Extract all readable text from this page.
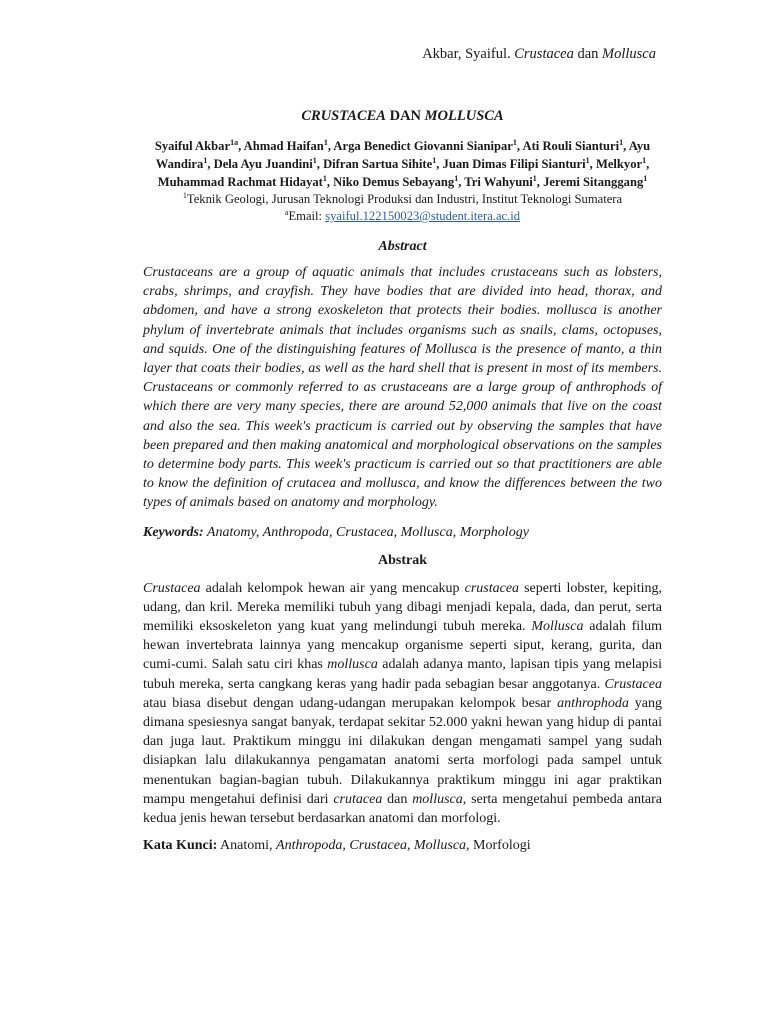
Akbar, Syaiful. Crustacea dan Mollusca
CRUSTACEA DAN MOLLUSCA
Syaiful Akbar$^{1a}$, Ahmad Haifan$^1$, Arga Benedict Giovanni Sianipar$^1$, Ati Rouli Sianturi$^1$, Ayu Wandira$^1$, Dela Ayu Juandini$^1$, Difran Sartua Sihite$^1$, Juan Dimas Filipi Sianturi$^1$, Melkyor$^1$, Muhammad Rachmat Hidayat$^1$, Niko Demus Sebayang$^1$, Tri Wahyuni$^1$, Jeremi Sitanggang$^1$
$^1$Teknik Geologi, Jurusan Teknologi Produksi dan Industri, Institut Teknologi Sumatera
$^a$Email: syaiful.122150023@student.itera.ac.id
Abstract

Crustaceans are a group of aquatic animals that includes crustaceans such as lobsters, crabs, shrimps, and crayfish. They have bodies that are divided into head, thorax, and abdomen, and have a strong exoskeleton that protects their bodies. mollusca is another phylum of invertebrate animals that includes organisms such as snails, clams, octopuses, and squids. One of the distinguishing features of Mollusca is the presence of manto, a thin layer that coats their bodies, as well as the hard shell that is present in most of its members. Crustaceans or commonly referred to as crustaceans are a large group of anthrophods of which there are very many species, there are around 52,000 animals that live on the coast and also the sea. This week's practicum is carried out by observing the samples that have been prepared and then making anatomical and morphological observations on the samples to determine body parts. This week's practicum is carried out so that practitioners are able to know the definition of crutacea and mollusca, and know the differences between the two types of animals based on anatomy and morphology.

Keywords: Anatomy, Anthropoda, Crustacea, Mollusca, Morphology
Abstrak

Crustacea adalah kelompok hewan air yang mencakup crustacea seperti lobster, kepiting, udang, dan kril. Mereka memiliki tubuh yang dibagi menjadi kepala, dada, dan perut, serta memiliki eksoskeleton yang kuat yang melindungi tubuh mereka. Mollusca adalah filum hewan invertebrata lainnya yang mencakup organisme seperti siput, kerang, gurita, dan cumi-cumi. Salah satu ciri khas mollusca adalah adanya manto, lapisan tipis yang melapisi tubuh mereka, serta cangkang keras yang hadir pada sebagian besar anggotanya. Crustacea atau biasa disebut dengan udang-udangan merupakan kelompok besar anthrophoda yang dimana spesiesnya sangat banyak, terdapat sekitar 52.000 yakni hewan yang hidup di pantai dan juga laut. Praktikum minggu ini dilakukan dengan mengamati sampel yang sudah disiapkan lalu dilakukannya pengamatan anatomi serta morfologi pada sampel untuk menentukan bagian-bagian tubuh. Dilakukannya praktikum minggu ini agar praktikan mampu mengetahui definisi dari crutacea dan mollusca, serta mengetahui pembeda antara kedua jenis hewan tersebut berdasarkan anatomi dan morfologi.

Kata Kunci: Anatomi, Anthropoda, Crustacea, Mollusca, Morfologi
